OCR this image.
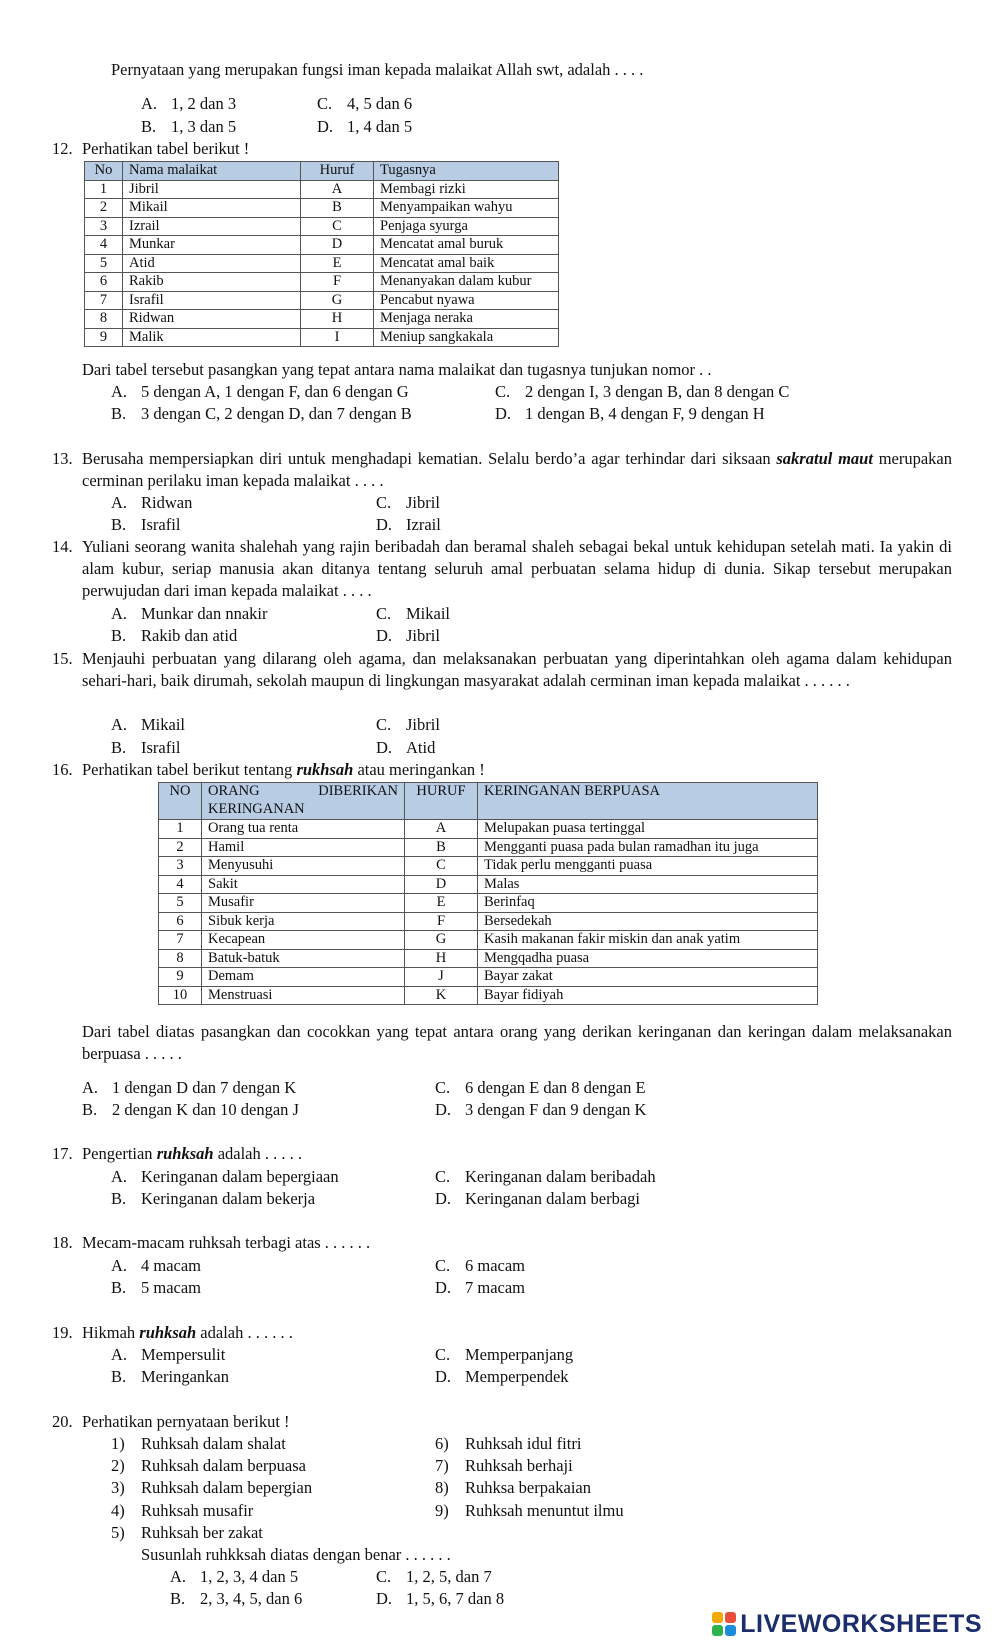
Pernyataan yang merupakan fungsi iman kepada malaikat Allah swt, adalah . . . .
A. 1, 2 dan 3	C. 4, 5 dan 6
B. 1, 3 dan 5	D. 1, 4 dan 5
12. Perhatikan tabel berikut !
No	Nama malaikat	Huruf	Tugasnya
1	Jibril	A	Membagi rizki
2	Mikail	B	Menyampaikan wahyu
3	Izrail	C	Penjaga syurga
4	Munkar	D	Mencatat amal buruk
5	Atid	E	Mencatat amal baik
6	Rakib	F	Menanyakan dalam kubur
7	Israfil	G	Pencabut nyawa
8	Ridwan	H	Menjaga neraka
9	Malik	I	Meniup sangkakala
Dari tabel tersebut pasangkan yang tepat antara nama malaikat dan tugasnya tunjukan nomor . .
A. 5 dengan A, 1 dengan F, dan 6 dengan G	C. 2 dengan I, 3 dengan B, dan 8 dengan C
B. 3 dengan C, 2 dengan D, dan 7 dengan B	D. 1 dengan B, 4 dengan F, 9 dengan H
13. Berusaha mempersiapkan diri untuk menghadapi kematian. Selalu berdo’a agar terhindar dari siksaan sakratul maut merupakan cerminan perilaku iman kepada malaikat . . . .
A. Ridwan	C. Jibril
B. Israfil	D. Izrail
14. Yuliani seorang wanita shalehah yang rajin beribadah dan beramal shaleh sebagai bekal untuk kehidupan setelah mati. Ia yakin di alam kubur, seriap manusia akan ditanya tentang seluruh amal perbuatan selama hidup di dunia. Sikap tersebut merupakan perwujudan dari iman kepada malaikat . . . .
A. Munkar dan nnakir	C. Mikail
B. Rakib dan atid	D. Jibril
15. Menjauhi perbuatan yang dilarang oleh agama, dan melaksanakan perbuatan yang diperintahkan oleh agama dalam kehidupan sehari-hari, baik dirumah, sekolah maupun di lingkungan masyarakat adalah cerminan iman kepada malaikat . . . . . .
A. Mikail	C. Jibril
B. Israfil	D. Atid
16. Perhatikan tabel berikut tentang rukhsah atau meringankan !
NO	ORANG DIBERIKAN KERINGANAN	HURUF	KERINGANAN BERPUASA
1	Orang tua renta	A	Melupakan puasa tertinggal
2	Hamil	B	Mengganti puasa pada bulan ramadhan itu juga
3	Menyusuhi	C	Tidak perlu mengganti puasa
4	Sakit	D	Malas
5	Musafir	E	Berinfaq
6	Sibuk kerja	F	Bersedekah
7	Kecapean	G	Kasih makanan fakir miskin dan anak yatim
8	Batuk-batuk	H	Mengqadha puasa
9	Demam	J	Bayar zakat
10	Menstruasi	K	Bayar fidiyah
Dari tabel diatas pasangkan dan cocokkan yang tepat antara orang yang derikan keringanan dan keringan dalam melaksanakan berpuasa . . . . .
A. 1 dengan D dan 7 dengan K	C. 6 dengan E dan 8 dengan E
B. 2 dengan K dan 10 dengan J	D. 3 dengan F dan 9 dengan K
17. Pengertian ruhksah adalah . . . . .
A. Keringanan dalam bepergiaan	C. Keringanan dalam beribadah
B. Keringanan dalam bekerja	D. Keringanan dalam berbagi
18. Mecam-macam ruhksah terbagi atas . . . . . .
A. 4 macam	C. 6 macam
B. 5 macam	D. 7 macam
19. Hikmah ruhksah adalah . . . . . .
A. Mempersulit	C. Memperpanjang
B. Meringankan	D. Memperpendek
20. Perhatikan pernyataan berikut !
1) Ruhksah dalam shalat	6) Ruhksah idul fitri
2) Ruhksah dalam berpuasa	7) Ruhksah berhaji
3) Ruhksah dalam bepergian	8) Ruhksa berpakaian
4) Ruhksah musafir	9) Ruhksah menuntut ilmu
5) Ruhksah ber zakat
Susunlah ruhkksah diatas dengan benar . . . . . .
A. 1, 2, 3, 4 dan 5	C. 1, 2, 5, dan 7
B. 2, 3, 4, 5, dan 6	D. 1, 5, 6, 7 dan 8
LIVEWORKSHEETS
